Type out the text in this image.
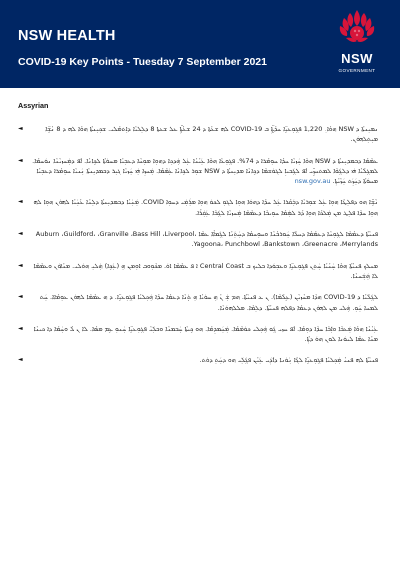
NSW HEALTH
COVID-19 Key Points - Tuesday 7 September 2021	NSW
GOVERNMENT
Assyrian
◄	ܢܡܝܼܢܬܵܐ ܕ NSW ܗܘܵܐ܉ 1,220 ܦܓܼܘܼܥܝܹ̈ܐ ܚܕܵܬ݂ܹ̈ܐ ܒ COVID-19 ܠܗ ܫܥܵܬܐ ܕ 24 ܫܥܵܬܹ̈ܐ ܥܠ ܫܥܬܐ 8 ܕܠܸܠܝܵܐ ܕܐܸܬܡܵܠܝ. ܫܟܼܝܼܢܬܵܐ ܗܘܵܐ ܠܗ ܕ 8 ܢܵܫܹ̈ܐ ܡܝܼܬܼܠܗܘܿܢ.
◄	ܥܡܵܡܵܐ ܕܒܡܕܝܼܢܬܵܐ ܕ NSW ܗܘܵܐ ܚܲܙܝܵܐ ܚܕܵܐ ܚܘܼܡܵܪܐ ܕ 74%. ܦܓܼܘܼܥܵܐ ܗܘܵܐ ܥܲܝܵܢܵܐ ܥܲܠ ܗܲܕܟܸܐ ܕܗܘܼܐ ܡܘܼܚܵܐ ܕܥܒܼܝܵܐ ܡܚܘܿܬܵܐ ܠܟܹܐܢܵܐ. ܐܵܦ ܕܡܲܚܙܝܵܢܵܐ ܢܘܿܚܡܵܐ. ܠܡܓܼܠܵܝܵܐ ܗܿܝ ܕܠܓܲܘܵܐ ܠܡܬܚܙܹ̈ܝ ܐܵܦ ܠܓܲܒܝܐܸ ܠܓܘܿܫܡܵܐ ܕܟܹܐܢܵܐ ܡܕܝܼܢܬܵܐ ܕ NSW ܫܘܼܪ ܠܟܹܐܢܵܐ ܥܲܡܵܡܵܐ. ܡܲܚܙܸܐ ܗܲܝ ܚܲܙܝܵܐ ܓܝܼܪ ܕܒܡܕܝܼܢܬܵܐ ܢܲܢܝܵܐ ܚܘܼܡܵܪܐ ܕܥܒܼܝܵܐ ܡܚܘܿܬܵܐ ܕܚܲܙܲܬ ܚܲܙܵܝܵܬܼܐ. nsw.gov.au
◄	ܢܵܫܹ̈ܐ ܗܘ ܕܦܠܸܛܵܐ ܗܘܼܐ ܥܲܠ ܫܘܼܪܝܵܐ ܕܒܲܩܵܪܐ ܥܲܠ ܚܕܵܐ ܕܗܘܿܐ ܗܘܼܐ ܠܓܘܼ ܠܟܘܿ ܗܘܼܐ ܡܪܲܡܲܝ ܕܚܘܼܐ COVID. ܡܲܢܲܝܵܐ ܕܒܡܕܝܼܢܬܵܐ ܕܠܸܢܵܐ ܥܵܢܲܝܵܐ ܠܗܘܿܢ ܗܘܼܐ ܠܗ ܗܘܸܐ ܚܕܵܐ ܦܠܸܛ ܡܢ ܡܲܠܟܵܐ ܗܘܼܐ ܕܵܪ ܠܡܲܡܵܐ ܚܘܼܝܒܵܐ ܕܥܡܵܡܵܐ ܡܲܚܙܝܵܐ ܠܓܲܒܵܐ ܥܲܩܲܪܵܐ.
◄	ܦܢܝܵܬܵܐ ܕܥܡܵܡܵܐ ܠܓܼܘܼܚܵܐ ܕܥܡܵܡܵܐ ܕܚܠܵܐ ܚܲܘܪܒܵܢܵܐ ܘܚܘܼܚܡܵܐ ܕܚܲܬܲܢܵܐ ܠܓܲܡܐܵܐ ܥܡܵܐ Auburn ،Guildford، ،Granville ،Bass Hill ،Liverpool، Yagoona، Punchbowl ،Bankstown ،Greenacre ،Merrylands.
◄	ܡܢܠܟ ܦܢܝܵܬܵܐ ܗܘܵܐ ܚܲܢܵܝܵܐ ܚܲܬܸܢ ܦܓܼܘܼܥܝܹ̈ܐ ܘܥܒܼܘܿܕܐ ܒܠܝܟ ܒ Central Coast ܐ ܦ ܥܡܵܡܵܐ ܐܘܿ. ܡܟܵܘܼܘܒ ܐܘܼܡܢ ܗܸ (ܥܲܟܹܐ) ܗܲܠܝܼ ܗܘܿܠܝ. ܡܢܵܐܘܿܢ ܘܥܡܵܡܵܐ ܠܐ ܗܲܫܲܚܢܵܐ.
◄	ܠܓܲܠܵܝܵܐ ܕ COVID-19 ܗܕܵܐ ܡܚܵܙܝܵܢ (ܥܹܠܵܡܵܐ). ܢ ܥ ܦܢܝܵܬܵܐ. ܗܡ ܫܲ ܢܵ ܗܸ ܚܘܿܝܵܐ ܗܸ ܬܼܲܢܵܐ ܕܥܡܵܐ ܚܕܵܐ ܗܲܟܼܠܝܵܐ ܦܓܼܘܼܥܝܹ̈ܐ. ܕ ܗ ܥܡܵܡܵܐ ܠܗܘܿܢ ܥܘܼܡܵܐܐ. ܚܲܬ ܠܡܚܐ ܚܲܘܼ. ܗܲܠܝ ܡܢ ܠܗܘܿܢ ܕܥܡܵܐ ܕܦܠܗ ܦܢܝܵܬܵܐ. ܕܠܸܡܵܐ. ܡܠܠܗܘܿܢܵܐ.
◄	ܥܲܝܵܢܵܐ ܗܘܵܐ ܡܲܥܒܵܐ ܘܐܲܒܵܐ ܚܕܵܐ ܕܘܼܡܵܐ. ܐܵܦ ܚܙܝ ܓܲܘ ܗܲܟܼܠܝ ܟܘܿܡܵܡܵܐ. ܡܲܚܲܡܕܸܡܵܐ. ܗܘ ܟܹܝܬܵܐ ܚܲܒܡܢܵܐ ܘܒܠܲܝܵ ܦܓܼܘܼܥܝܹ̈ܐ ܚܲܢܘܼ ܥܹܡ ܡܣܵܐ. ܠܐ ܢ ܠܵ ܘܚܲܡܵܐ ܕܐ ܟܝܢܵܐ ܡܢܵܐ ܥܡܵܐ ܠܝܘܿܢܐ ܠܘܢ ܗܘܿ ܕܬܼܵܐ.
◄	ܦܢܝܵܬܵܐ ܠܗ ܦܢܝܵ ܡܲܟܼܠܝܵܐ ܦܓܼܘܼܥܝܹ̈ܐ ܠܓܵܐ ܢܲܘܿܢܐ ܕܐܵܕܲܝ ܥܲܝܵܢ ܦܓܲܠܲܝ ܗܘ ܕܚܲܬܼ ܕܘܿܬ.
